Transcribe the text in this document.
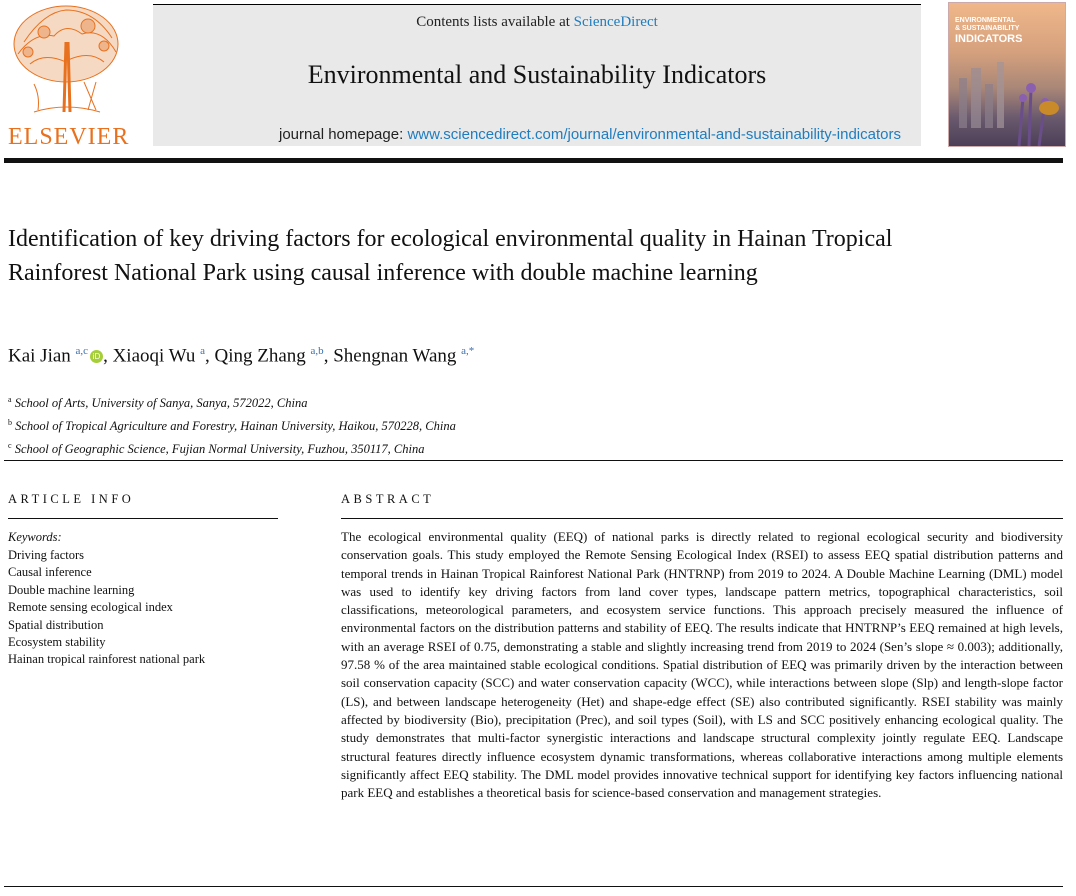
ELSEVIER
Contents lists available at ScienceDirect
Environmental and Sustainability Indicators
journal homepage: www.sciencedirect.com/journal/environmental-and-sustainability-indicators
ENVIRONMENTAL
& SUSTAINABILITY
INDICATORS
Identification of key driving factors for ecological environmental quality in Hainan Tropical Rainforest National Park using causal inference with double machine learning
Kai Jian $^{a,c}$ iD , Xiaoqi Wu $^a$, Qing Zhang $^{a,b}$, Shengnan Wang $^{a,*}$
$^a$ School of Arts, University of Sanya, Sanya, 572022, China
$^b$ School of Tropical Agriculture and Forestry, Hainan University, Haikou, 570228, China
$^c$ School of Geographic Science, Fujian Normal University, Fuzhou, 350117, China
ARTICLE INFO
Keywords:
Driving factors
Causal inference
Double machine learning
Remote sensing ecological index
Spatial distribution
Ecosystem stability
Hainan tropical rainforest national park
ABSTRACT

The ecological environmental quality (EEQ) of national parks is directly related to regional ecological security and biodiversity conservation goals. This study employed the Remote Sensing Ecological Index (RSEI) to assess EEQ spatial distribution patterns and temporal trends in Hainan Tropical Rainforest National Park (HNTRNP) from 2019 to 2024. A Double Machine Learning (DML) model was used to identify key driving factors from land cover types, landscape pattern metrics, topographical characteristics, soil classifications, meteorological parameters, and ecosystem service functions. This approach precisely measured the influence of environmental factors on the distribution patterns and stability of EEQ. The results indicate that HNTRNP’s EEQ remained at high levels, with an average RSEI of 0.75, demonstrating a stable and slightly increasing trend from 2019 to 2024 (Sen’s slope ≈ 0.003); additionally, 97.58 % of the area maintained stable ecological conditions. Spatial distribution of EEQ was primarily driven by the interaction between soil conservation capacity (SCC) and water conservation capacity (WCC), while interactions between slope (Slp) and length-slope factor (LS), and between landscape heterogeneity (Het) and shape-edge effect (SE) also contributed significantly. RSEI stability was mainly affected by biodiversity (Bio), precipitation (Prec), and soil types (Soil), with LS and SCC positively enhancing ecological quality. The study demonstrates that multi-factor synergistic interactions and landscape structural complexity jointly regulate EEQ. Landscape structural features directly influence ecosystem dynamic transformations, whereas collaborative interactions among multiple elements significantly affect EEQ stability. The DML model provides innovative technical support for identifying key factors influencing national park EEQ and establishes a theoretical basis for science-based conservation and management strategies.
